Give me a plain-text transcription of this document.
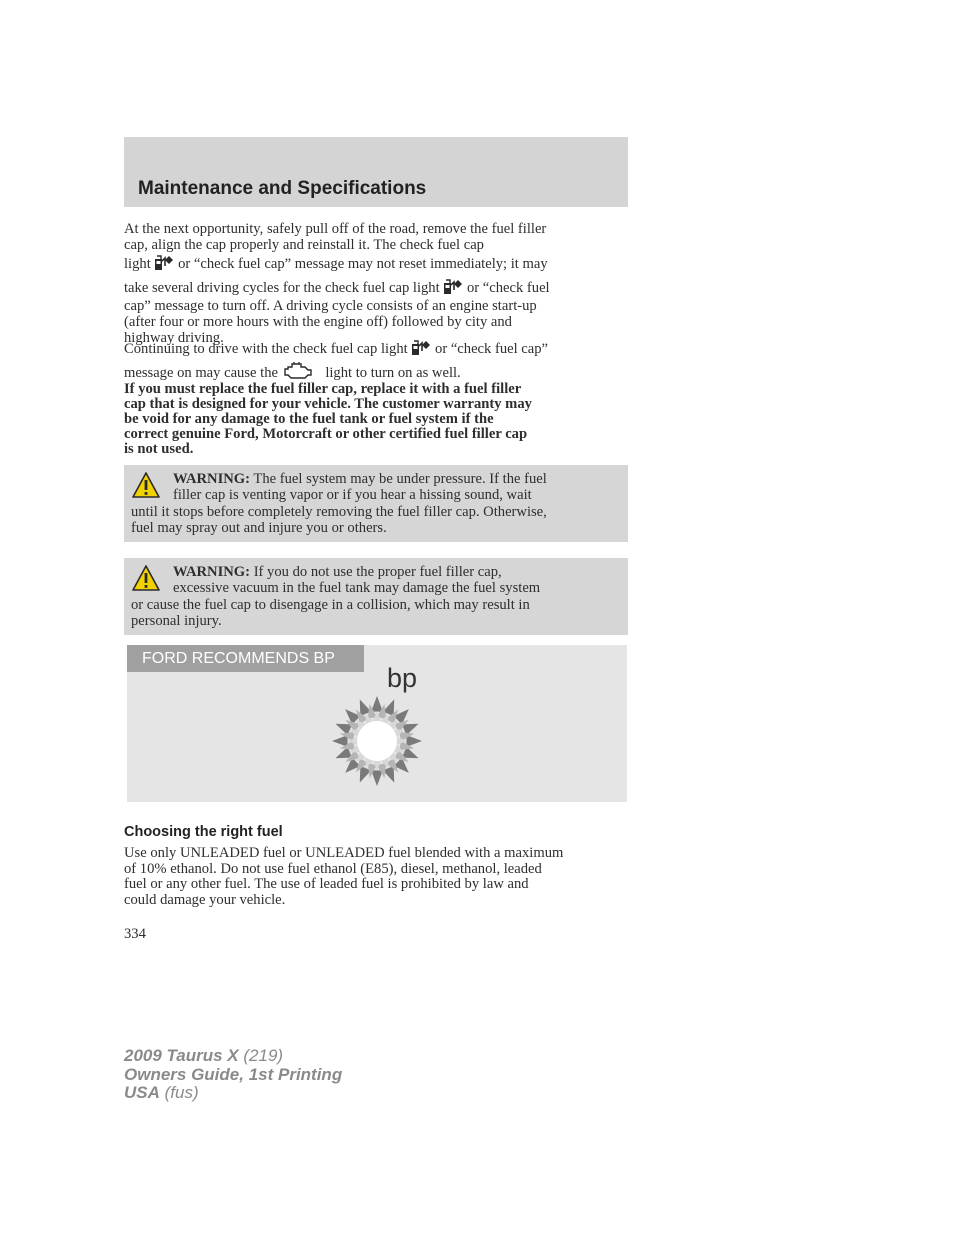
Maintenance and Specifications
At the next opportunity, safely pull off of the road, remove the fuel filler
cap, align the cap properly and reinstall it. The check fuel cap
light or “check fuel cap” message may not reset immediately; it may
take several driving cycles for the check fuel cap light or “check fuel
cap” message to turn off. A driving cycle consists of an engine start-up
(after four or more hours with the engine off) followed by city and
highway driving.
Continuing to drive with the check fuel cap light or “check fuel cap”
message on may cause the	light to turn on as well.
If you must replace the fuel filler cap, replace it with a fuel filler
cap that is designed for your vehicle. The customer warranty may
be void for any damage to the fuel tank or fuel system if the
correct genuine Ford, Motorcraft or other certified fuel filler cap
is not used.
WARNING: The fuel system may be under pressure. If the fuel
filler cap is venting vapor or if you hear a hissing sound, wait
until it stops before completely removing the fuel filler cap. Otherwise,
fuel may spray out and injure you or others.
WARNING: If you do not use the proper fuel filler cap,
excessive vacuum in the fuel tank may damage the fuel system
or cause the fuel cap to disengage in a collision, which may result in
personal injury.
FORD RECOMMENDS BP
bp
Choosing the right fuel
Use only UNLEADED fuel or UNLEADED fuel blended with a maximum
of 10% ethanol. Do not use fuel ethanol (E85), diesel, methanol, leaded
fuel or any other fuel. The use of leaded fuel is prohibited by law and
could damage your vehicle.
334
2009 Taurus X (219)
Owners Guide, 1st Printing
USA (fus)
